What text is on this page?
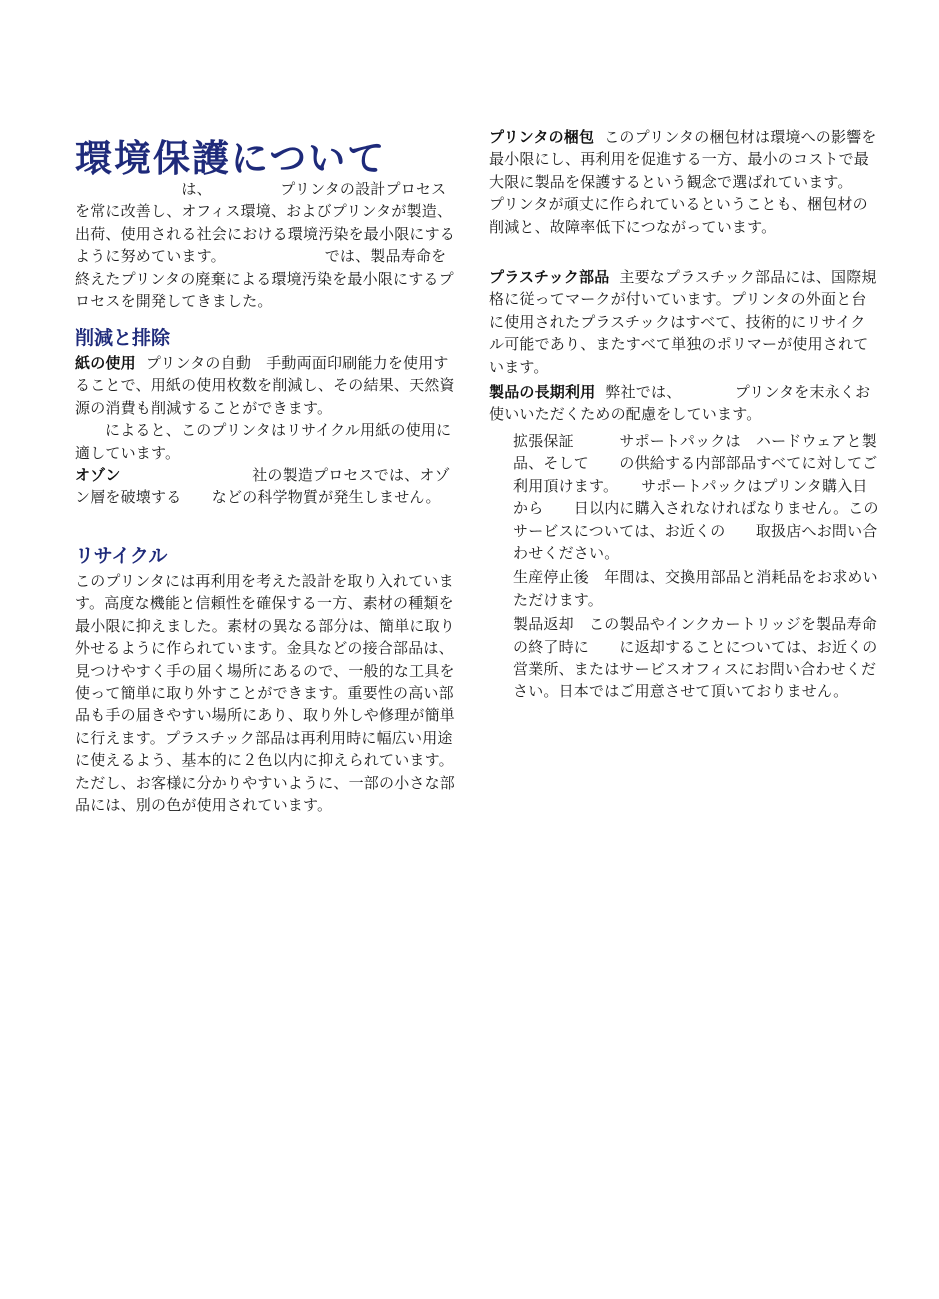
環境保護について

　　　　　　　は、　　　　　プリンタの設計プロセスを常に改善し、オフィス環境、およびプリンタが製造、出荷、使用される社会における環境汚染を最小限にするように努めています。　　　　　　　では、製品寿命を終えたプリンタの廃棄による環境汚染を最小限にするプロセスを開発してきました。

削減と排除

紙の使用 プリンタの自動　手動両面印刷能力を使用することで、用紙の使用枚数を削減し、その結果、天然資源の消費も削減することができます。

によると、このプリンタはリサイクル用紙の使用に適しています。

オゾン　　　　　　　　社の製造プロセスでは、オゾン層を破壊する　　などの科学物質が発生しません。

リサイクル

このプリンタには再利用を考えた設計を取り入れています。高度な機能と信頼性を確保する一方、素材の種類を最小限に抑えました。素材の異なる部分は、簡単に取り外せるように作られています。金具などの接合部品は、見つけやすく手の届く場所にあるので、一般的な工具を使って簡単に取り外すことができます。重要性の高い部品も手の届きやすい場所にあり、取り外しや修理が簡単に行えます。プラスチック部品は再利用時に幅広い用途に使えるよう、基本的に２色以内に抑えられています。ただし、お客様に分かりやすいように、一部の小さな部品には、別の色が使用されています。

プリンタの梱包 このプリンタの梱包材は環境への影響を最小限にし、再利用を促進する一方、最小のコストで最大限に製品を保護するという観念で選ばれています。　　　　　プリンタが頑丈に作られているということも、梱包材の削減と、故障率低下につながっています。

プラスチック部品 主要なプラスチック部品には、国際規格に従ってマークが付いています。プリンタの外面と台に使用されたプラスチックはすべて、技術的にリサイクル可能であり、またすべて単独のポリマーが使用されています。

製品の長期利用 弊社では、　　　　プリンタを末永くお使いいただくための配慮をしています。

拡張保証　　　サポートパックは　ハードウェアと製品、そして　　の供給する内部部品すべてに対してご利用頂けます。　　サポートパックはプリンタ購入日から　　日以内に購入されなければなりません。このサービスについては、お近くの　　取扱店へお問い合わせください。

生産停止後　年間は、交換用部品と消耗品をお求めいただけます。

製品返却　この製品やインクカートリッジを製品寿命の終了時に　　に返却することについては、お近くの　　営業所、またはサービスオフィスにお問い合わせください。日本ではご用意させて頂いておりません。
